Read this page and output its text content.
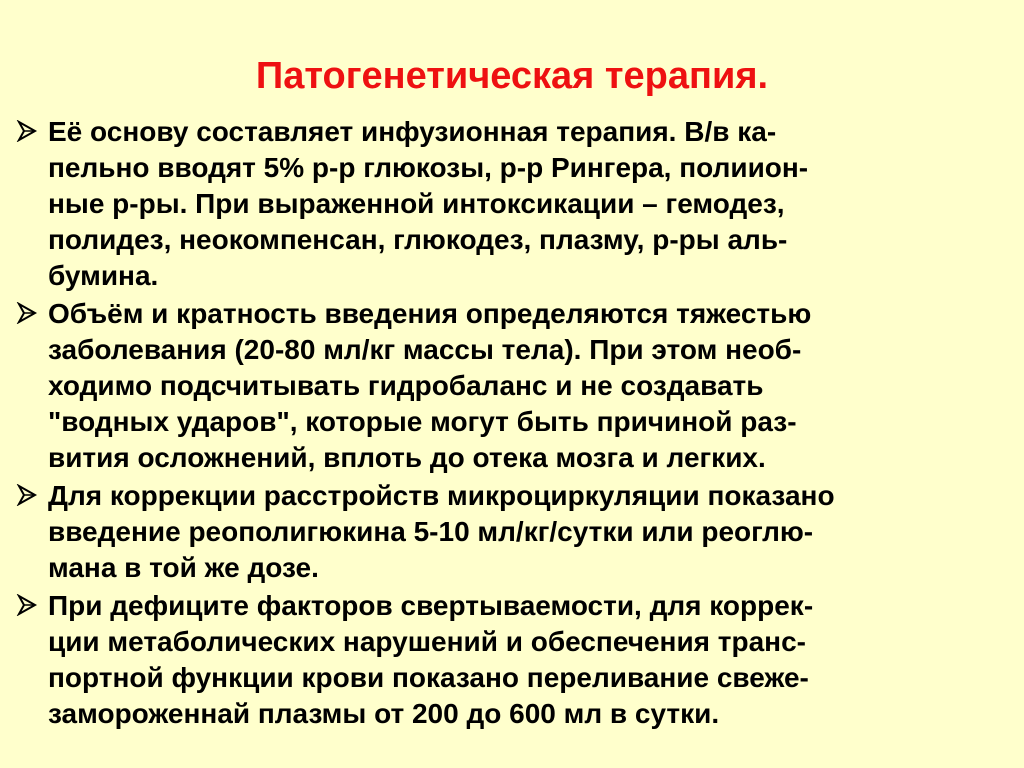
Патогенетическая терапия.
Её основу составляет инфузионная терапия. В/в ка-
пельно вводят 5% р-р глюкозы, р-р Рингера, полиион-
ные р-ры. При выраженной интоксикации – гемодез,
полидез, неокомпенсан, глюкодез, плазму, р-ры аль-
бумина.
Объём и кратность введения определяются тяжестью
заболевания (20-80 мл/кг массы тела). При этом необ-
ходимо подсчитывать гидробаланс и не создавать
"водных ударов", которые могут быть причиной раз-
вития осложнений, вплоть до отека мозга и легких.
Для коррекции расстройств микроциркуляции показано
введение реополигюкина 5-10 мл/кг/сутки или реоглю-
мана в той же дозе.
При дефиците факторов свертываемости, для коррек-
ции метаболических нарушений и обеспечения транс-
портной функции крови показано переливание свеже-
замороженнай плазмы от 200 до 600 мл в сутки.
